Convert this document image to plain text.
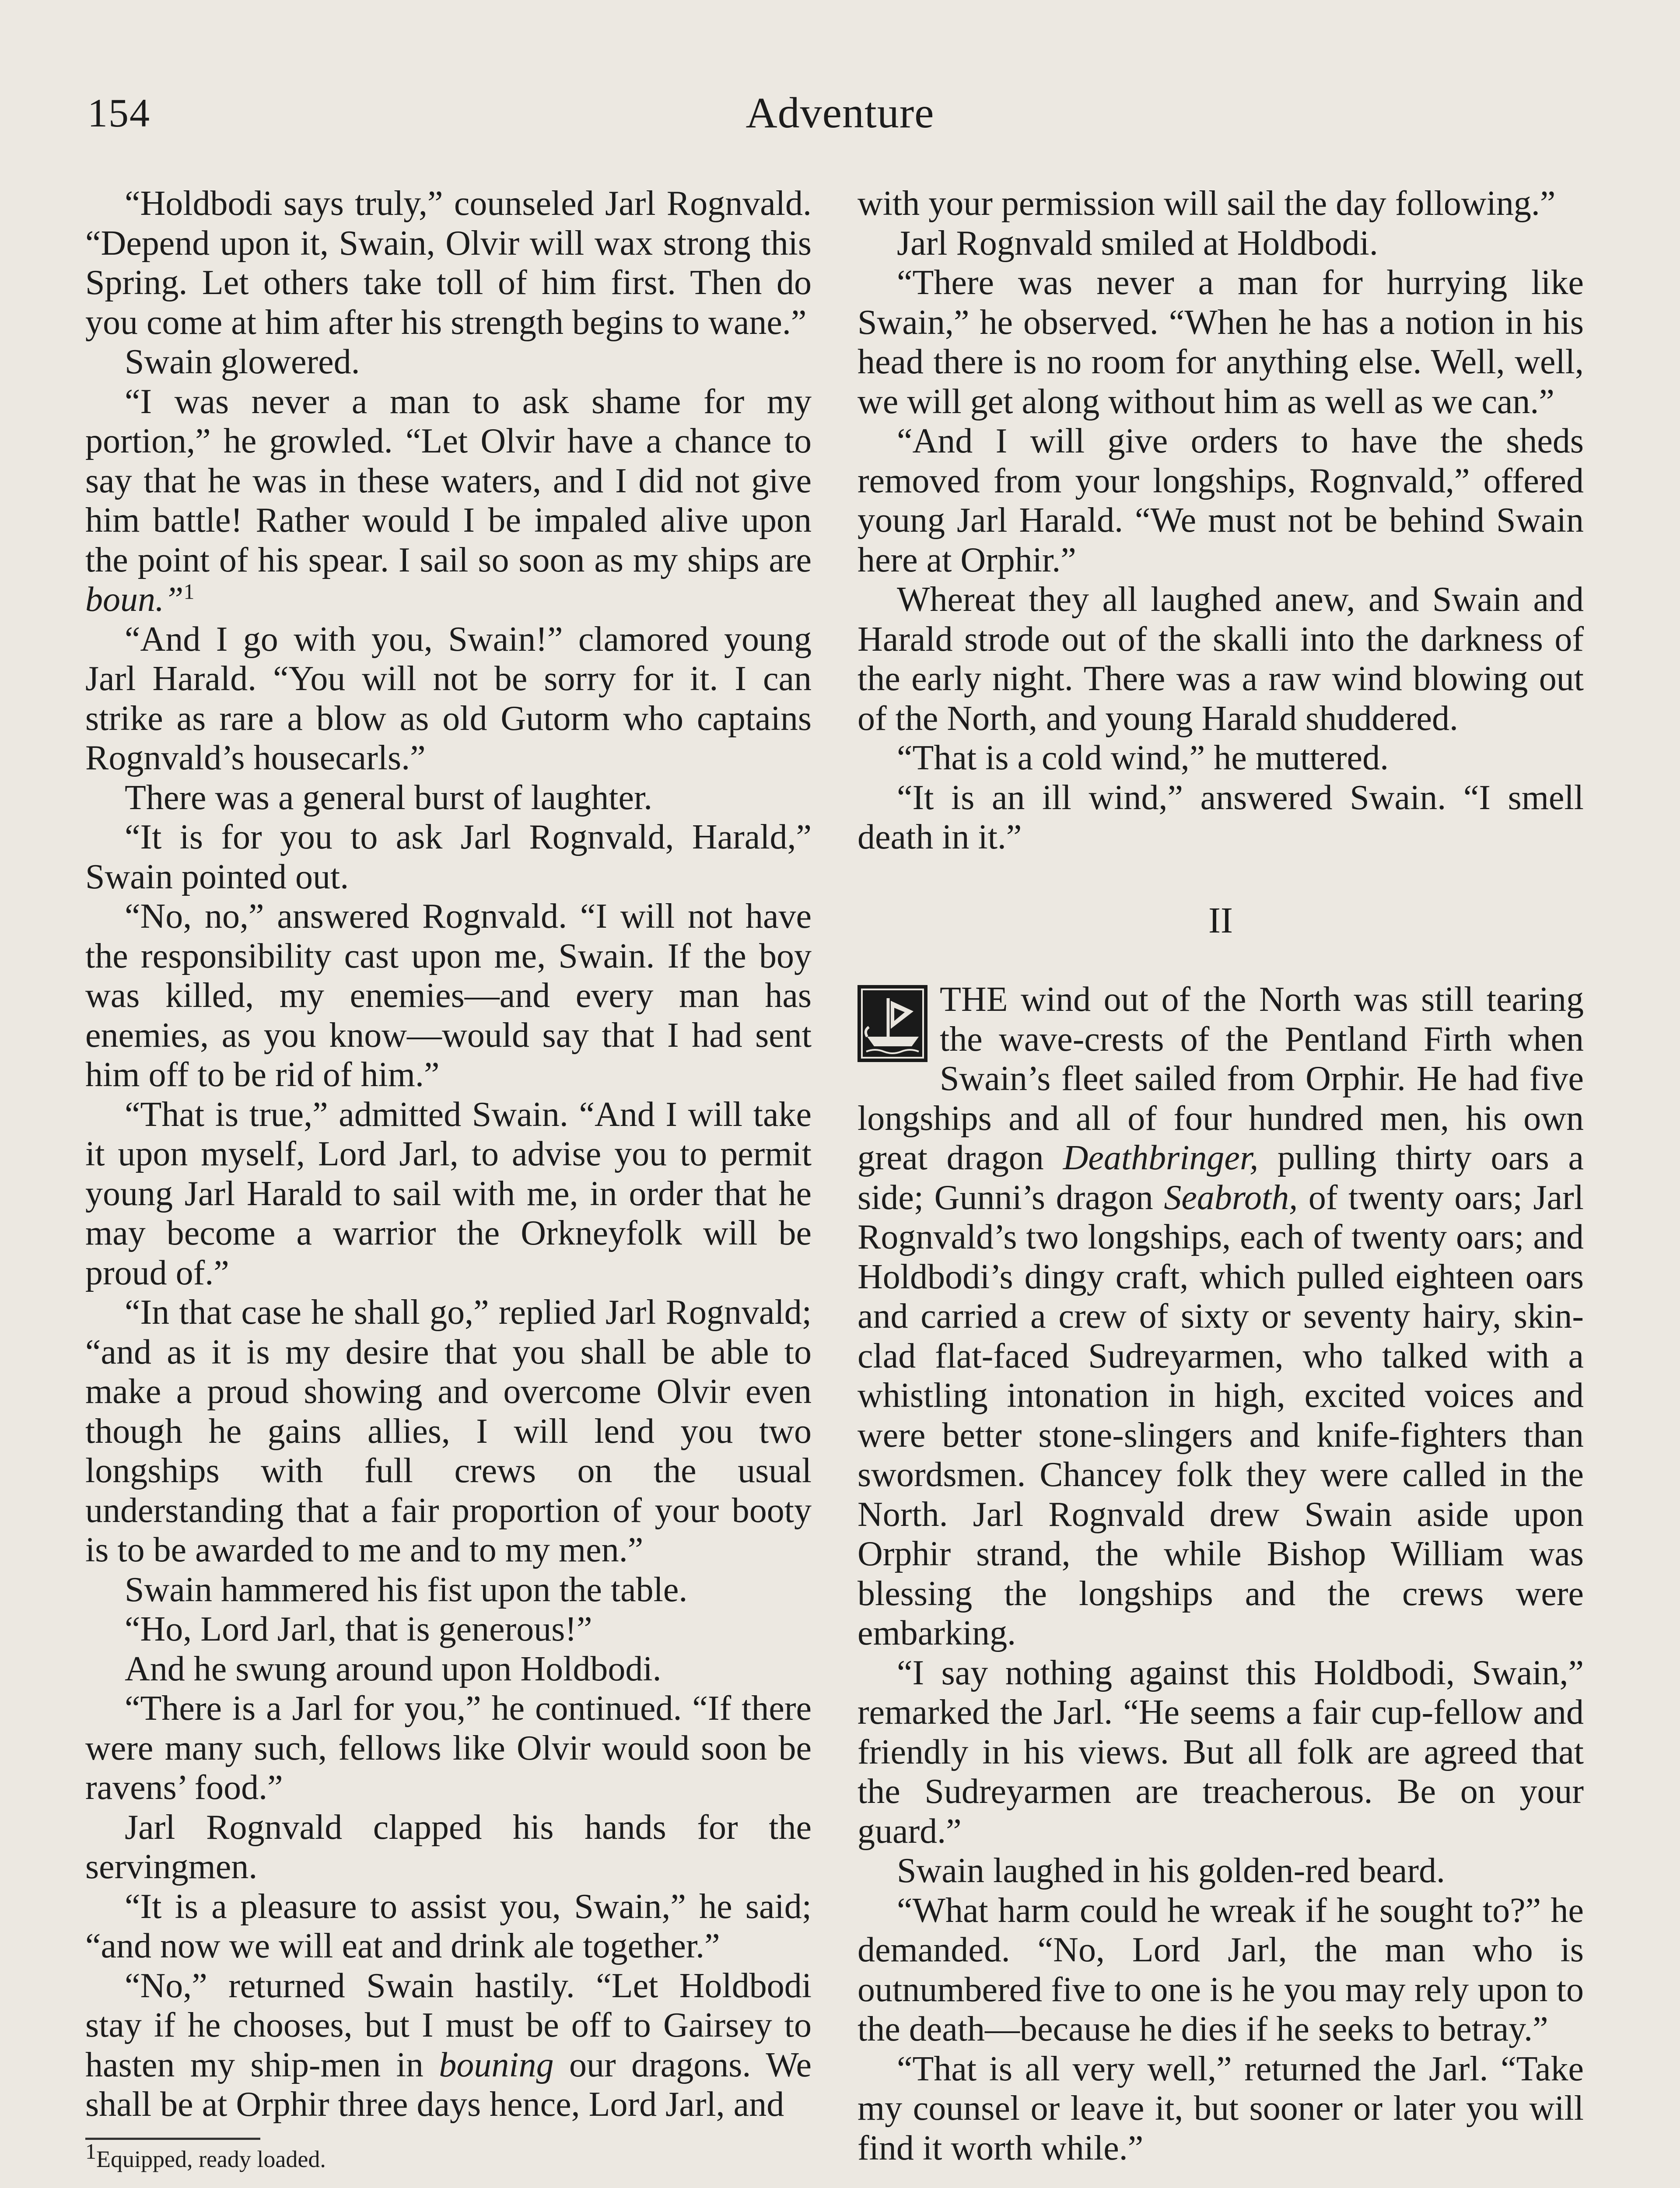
154	Adventure

“Holdbodi says truly,” counseled Jarl Rognvald. “Depend upon it, Swain, Olvir will wax strong this Spring. Let others take toll of him first. Then do you come at him after his strength begins to wane.”

Swain glowered.

“I was never a man to ask shame for my portion,” he growled. “Let Olvir have a chance to say that he was in these waters, and I did not give him battle! Rather would I be impaled alive upon the point of his spear. I sail so soon as my ships are boun.”$^1$

“And I go with you, Swain!” clamored young Jarl Harald. “You will not be sorry for it. I can strike as rare a blow as old Gutorm who captains Rognvald’s housecarls.”

There was a general burst of laughter.

“It is for you to ask Jarl Rognvald, Harald,” Swain pointed out.

“No, no,” answered Rognvald. “I will not have the responsibility cast upon me, Swain. If the boy was killed, my enemies—and every man has enemies, as you know—would say that I had sent him off to be rid of him.”

“That is true,” admitted Swain. “And I will take it upon myself, Lord Jarl, to advise you to permit young Jarl Harald to sail with me, in order that he may become a warrior the Orkneyfolk will be proud of.”

“In that case he shall go,” replied Jarl Rognvald; “and as it is my desire that you shall be able to make a proud showing and overcome Olvir even though he gains allies, I will lend you two longships with full crews on the usual understanding that a fair proportion of your booty is to be awarded to me and to my men.”

Swain hammered his fist upon the table.

“Ho, Lord Jarl, that is generous!”

And he swung around upon Holdbodi.

“There is a Jarl for you,” he continued. “If there were many such, fellows like Olvir would soon be ravens’ food.”

Jarl Rognvald clapped his hands for the servingmen.

“It is a pleasure to assist you, Swain,” he said; “and now we will eat and drink ale together.”

“No,” returned Swain hastily. “Let Holdbodi stay if he chooses, but I must be off to Gairsey to hasten my ship-men in bouning our dragons. We shall be at Orphir three days hence, Lord Jarl, and

1Equipped, ready loaded.

with your permission will sail the day following.”

Jarl Rognvald smiled at Holdbodi.

“There was never a man for hurrying like Swain,” he observed. “When he has a notion in his head there is no room for anything else. Well, well, we will get along without him as well as we can.”

“And I will give orders to have the sheds removed from your longships, Rognvald,” offered young Jarl Harald. “We must not be behind Swain here at Orphir.”

Whereat they all laughed anew, and Swain and Harald strode out of the skalli into the darkness of the early night. There was a raw wind blowing out of the North, and young Harald shuddered.

“That is a cold wind,” he muttered.

“It is an ill wind,” answered Swain. “I smell death in it.”

II

THE wind out of the North was still tearing the wave-crests of the Pentland Firth when Swain’s fleet sailed from Orphir. He had five longships and all of four hundred men, his own great dragon Deathbringer, pulling thirty oars a side; Gunni’s dragon Seabroth, of twenty oars; Jarl Rognvald’s two longships, each of twenty oars; and Holdbodi’s dingy craft, which pulled eighteen oars and carried a crew of sixty or seventy hairy, skin-clad flat-faced Sudreyarmen, who talked with a whistling intonation in high, excited voices and were better stone-slingers and knife-fighters than swordsmen. Chancey folk they were called in the North. Jarl Rognvald drew Swain aside upon Orphir strand, the while Bishop William was blessing the longships and the crews were embarking.

“I say nothing against this Holdbodi, Swain,” remarked the Jarl. “He seems a fair cup-fellow and friendly in his views. But all folk are agreed that the Sudreyarmen are treacherous. Be on your guard.”

Swain laughed in his golden-red beard.

“What harm could he wreak if he sought to?” he demanded. “No, Lord Jarl, the man who is outnumbered five to one is he you may rely upon to the death—because he dies if he seeks to betray.”

“That is all very well,” returned the Jarl. “Take my counsel or leave it, but sooner or later you will find it worth while.”
